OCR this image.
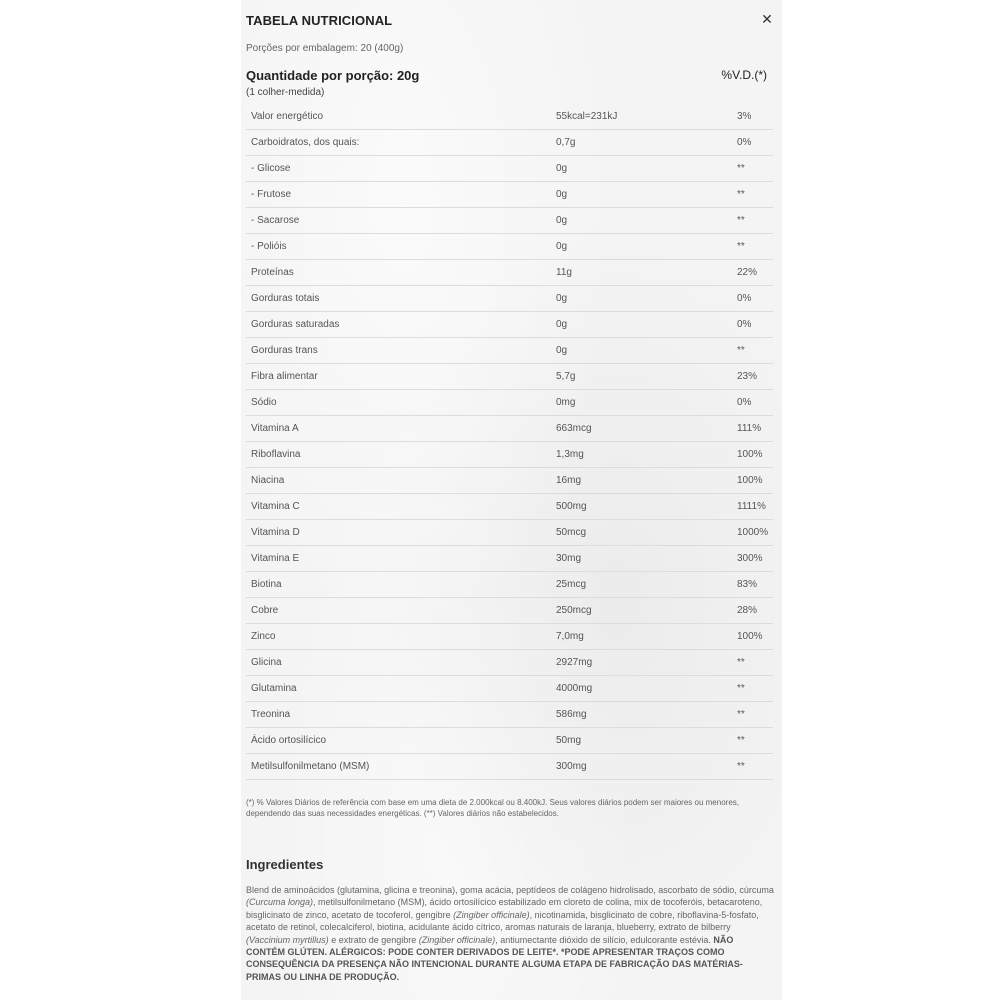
TABELA NUTRICIONAL	✕
Porções por embalagem: 20 (400g)
Quantidade por porção: 20g	%V.D.(*)
(1 colher-medida)
Valor energético	55kcal=231kJ	3%
Carboidratos, dos quais:	0,7g	0%
- Glicose	0g	**
- Frutose	0g	**
- Sacarose	0g	**
- Polióis	0g	**
Proteínas	11g	22%
Gorduras totais	0g	0%
Gorduras saturadas	0g	0%
Gorduras trans	0g	**
Fibra alimentar	5,7g	23%
Sódio	0mg	0%
Vitamina A	663mcg	111%
Riboflavina	1,3mg	100%
Niacina	16mg	100%
Vitamina C	500mg	1111%
Vitamina D	50mcg	1000%
Vitamina E	30mg	300%
Biotina	25mcg	83%
Cobre	250mcg	28%
Zinco	7,0mg	100%
Glicina	2927mg	**
Glutamina	4000mg	**
Treonina	586mg	**
Ácido ortosilícico	50mg	**
Metilsulfonilmetano (MSM)	300mg	**
(*) % Valores Diários de referência com base em uma dieta de 2.000kcal ou 8.400kJ. Seus valores diários podem ser maiores ou menores, dependendo das suas necessidades energéticas. (**) Valores diários não estabelecidos.
Ingredientes
Blend de aminoácidos (glutamina, glicina e treonina), goma acácia, peptídeos de colágeno hidrolisado, ascorbato de sódio, cúrcuma (Curcuma longa), metilsulfonilmetano (MSM), ácido ortosilícico estabilizado em cloreto de colina, mix de tocoferóis, betacaroteno, bisglicinato de zinco, acetato de tocoferol, gengibre (Zingiber officinale), nicotinamida, bisglicinato de cobre, riboflavina-5-fosfato, acetato de retinol, colecalciferol, biotina, acidulante ácido cítrico, aromas naturais de laranja, blueberry, extrato de bilberry (Vaccinium myrtillus) e extrato de gengibre (Zingiber officinale), antiumectante dióxido de silício, edulcorante estévia. NÃO CONTÉM GLÚTEN. ALÉRGICOS: PODE CONTER DERIVADOS DE LEITE*. *PODE APRESENTAR TRAÇOS COMO CONSEQUÊNCIA DA PRESENÇA NÃO INTENCIONAL DURANTE ALGUMA ETAPA DE FABRICAÇÃO DAS MATÉRIAS-PRIMAS OU LINHA DE PRODUÇÃO.
